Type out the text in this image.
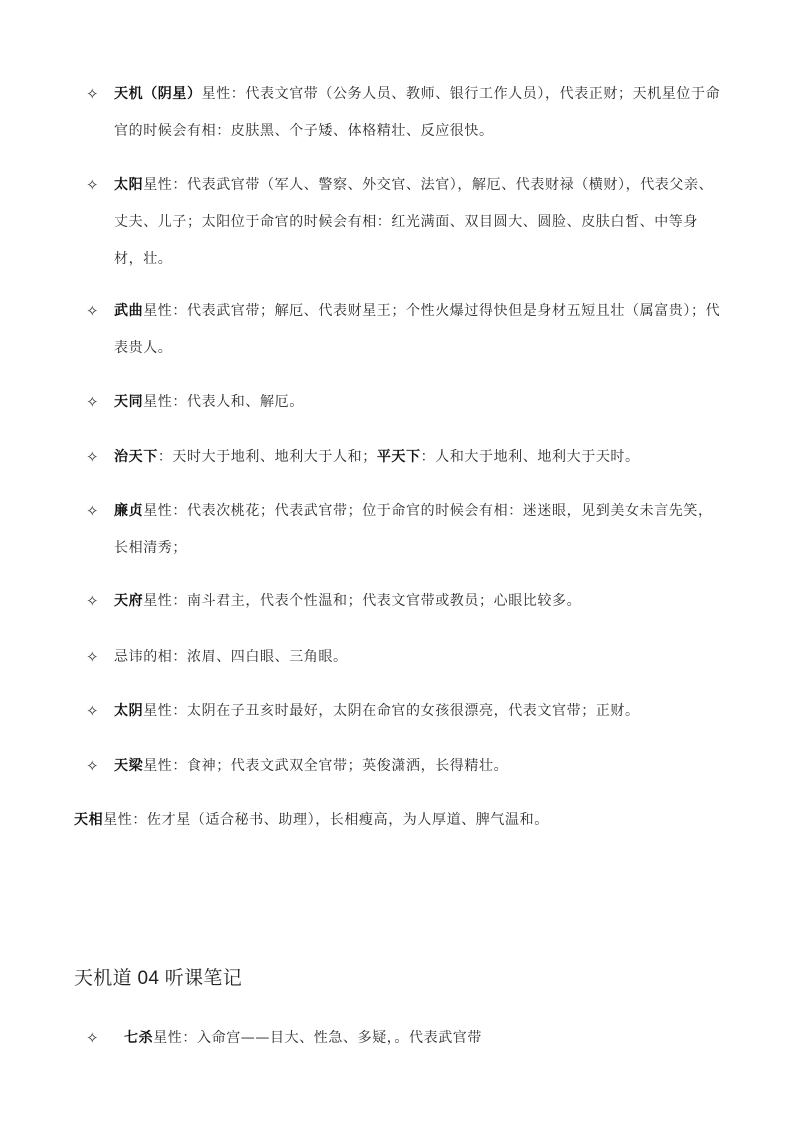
✧	天机（阴星）星性：代表文官带（公务人员、教师、银行工作人员），代表正财；天机星位于命官的时候会有相：皮肤黑、个子矮、体格精壮、反应很快。
✧	太阳星性：代表武官带（军人、警察、外交官、法官），解厄、代表财禄（横财），代表父亲、丈夫、儿子；太阳位于命官的时候会有相：红光满面、双目圆大、圆脸、皮肤白皙、中等身材，壮。
✧	武曲星性：代表武官带；解厄、代表财星王；个性火爆过得快但是身材五短且壮（属富贵）；代表贵人。
✧	天同星性：代表人和、解厄。
✧	治天下：天时大于地利、地利大于人和；平天下：人和大于地利、地利大于天时。
✧	廉贞星性：代表次桃花；代表武官带；位于命官的时候会有相：迷迷眼，见到美女未言先笑，长相清秀；
✧	天府星性：南斗君主，代表个性温和；代表文官带或教员；心眼比较多。
✧	忌讳的相：浓眉、四白眼、三角眼。
✧	太阴星性：太阴在子丑亥时最好，太阴在命官的女孩很漂亮，代表文官带；正财。
✧	天梁星性：食神；代表文武双全官带；英俊潇洒，长得精壮。
天相星性：佐才星（适合秘书、助理），长相瘦高，为人厚道、脾气温和。
天机道 04 听课笔记
✧	七杀星性：入命宫——目大、性急、多疑，。代表武官带
